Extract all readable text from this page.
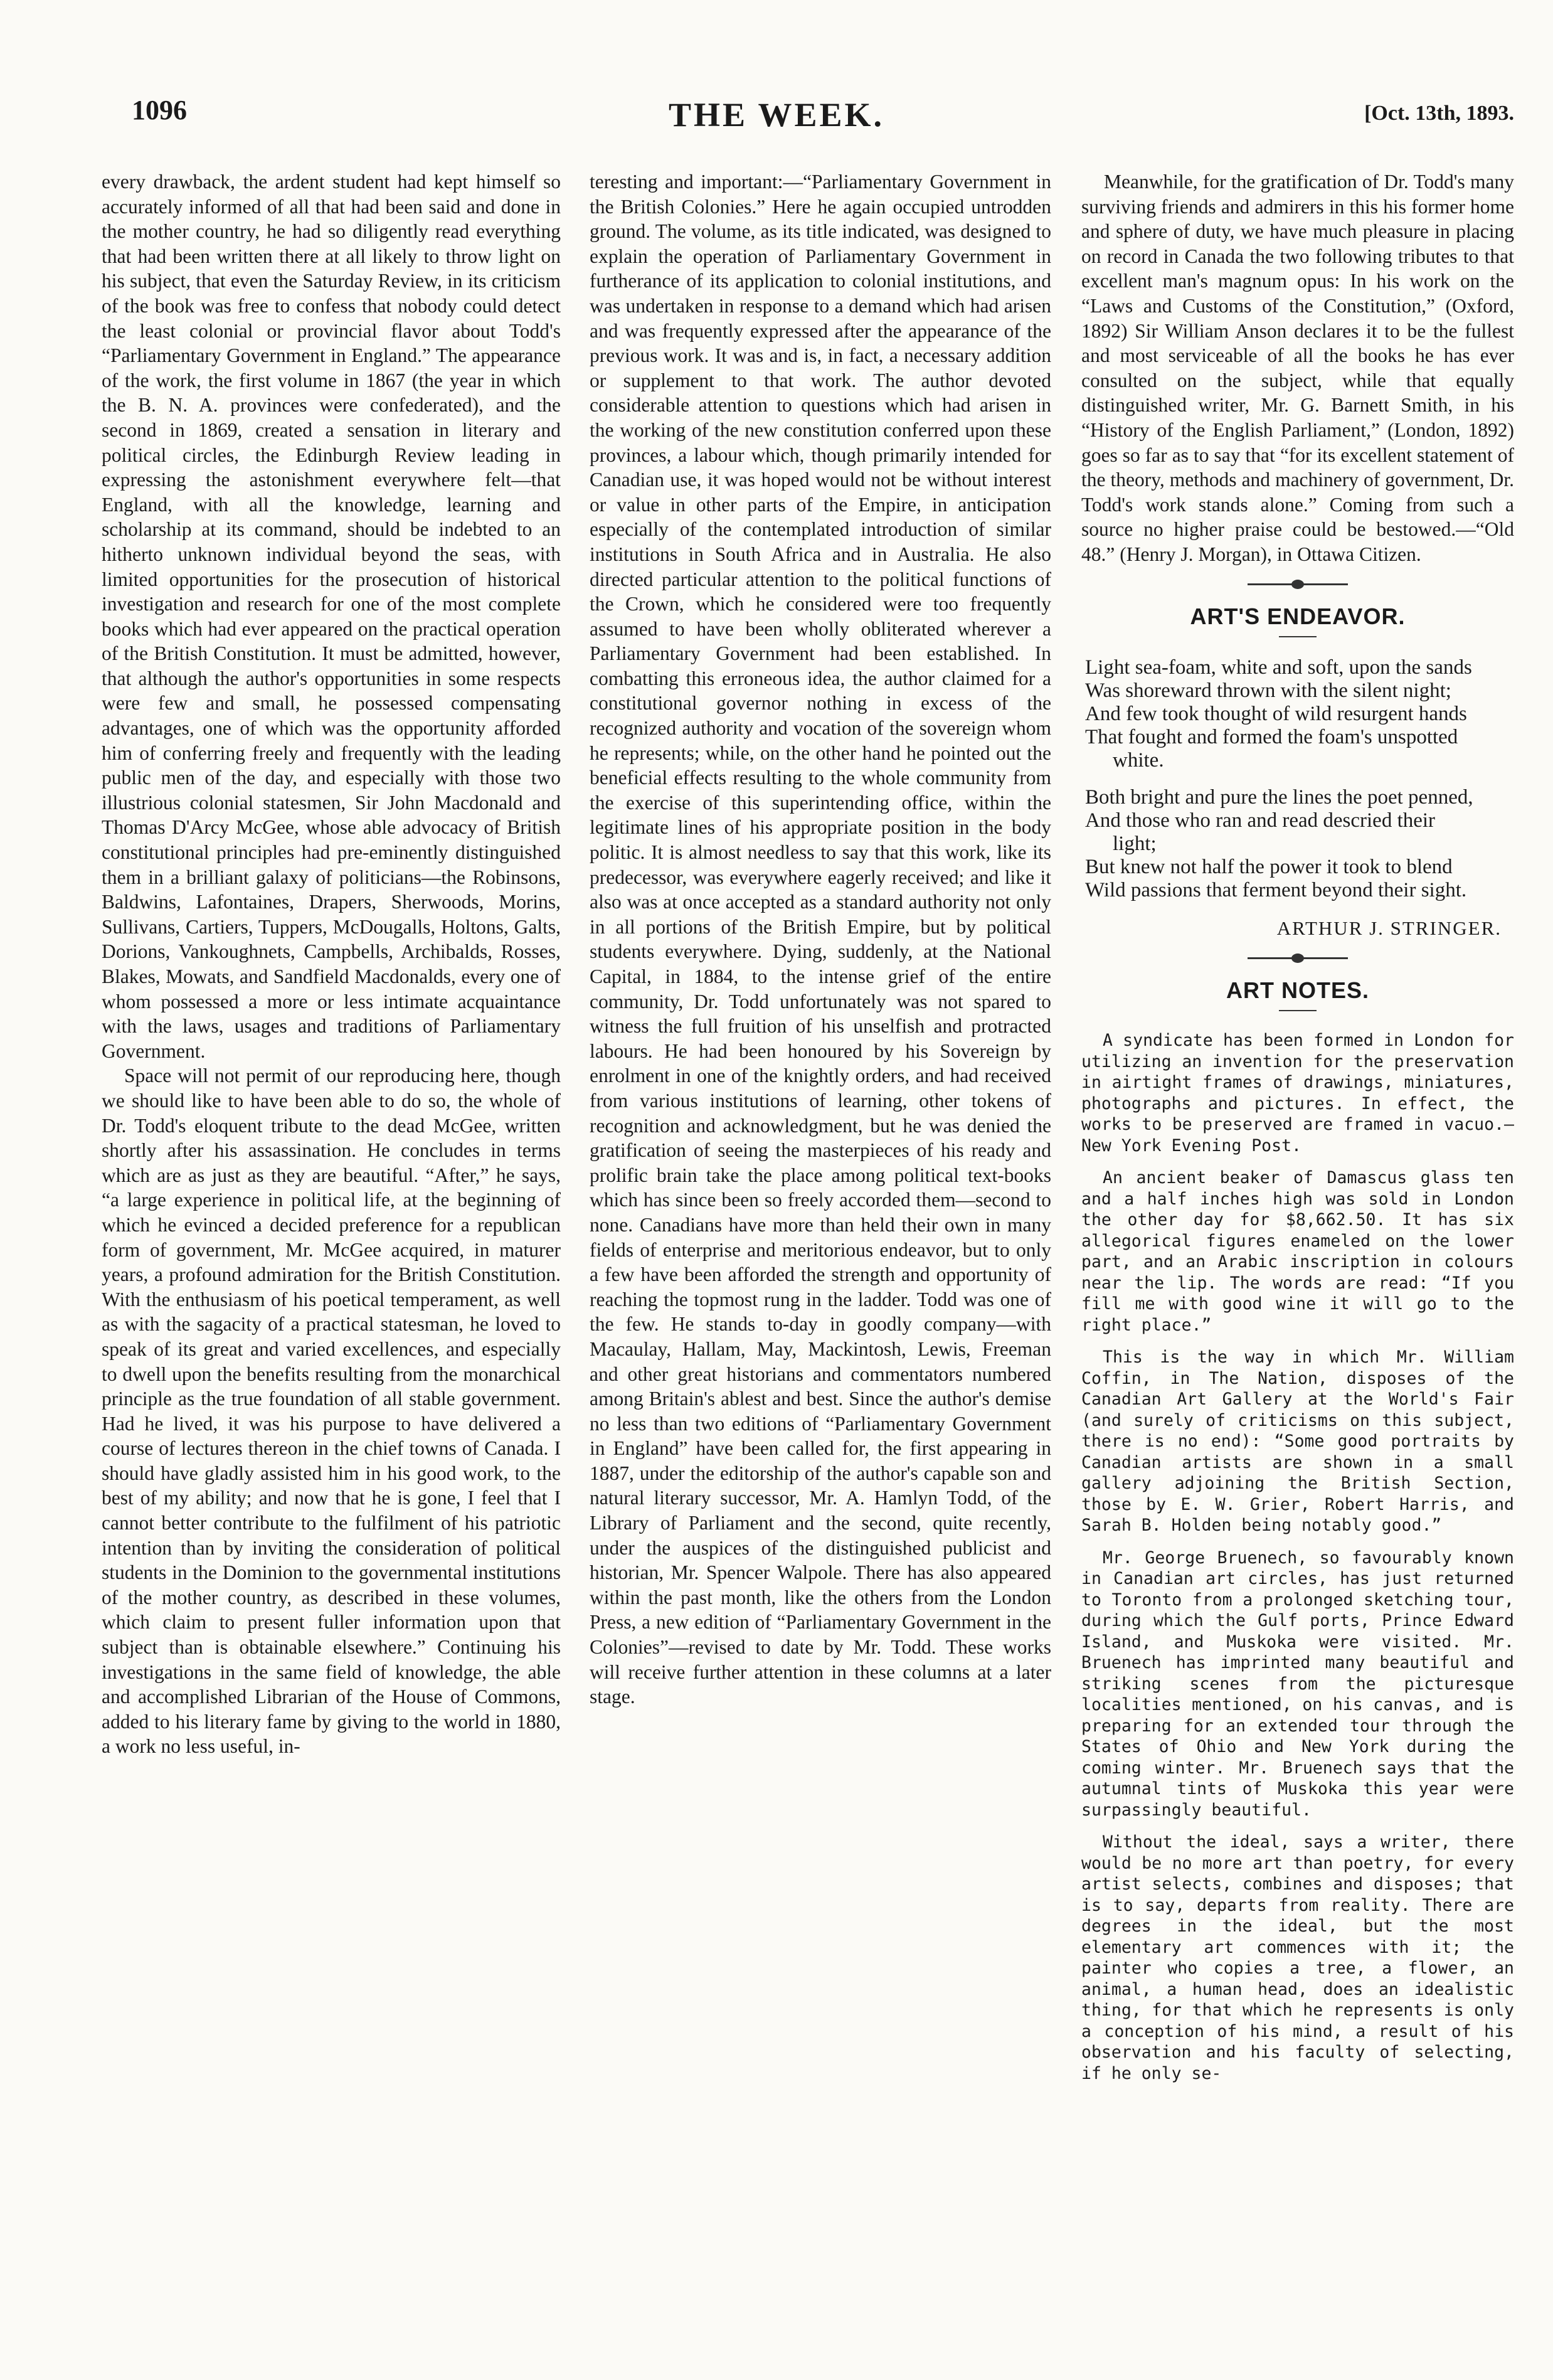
1096	THE WEEK.	[Oct. 13th, 1893.

every drawback, the ardent student had kept himself so accurately informed of all that had been said and done in the mother country, he had so diligently read everything that had been written there at all likely to throw light on his subject, that even the Saturday Review, in its criticism of the book was free to confess that nobody could detect the least colonial or provincial flavor about Todd's “Parliamentary Government in England.” The appearance of the work, the first volume in 1867 (the year in which the B. N. A. provinces were confederated), and the second in 1869, created a sensation in literary and political circles, the Edinburgh Review leading in expressing the astonishment everywhere felt—that England, with all the knowledge, learning and scholarship at its command, should be indebted to an hitherto unknown individual beyond the seas, with limited opportunities for the prosecution of historical investigation and research for one of the most complete books which had ever appeared on the practical operation of the British Constitution. It must be admitted, however, that although the author's opportunities in some respects were few and small, he possessed compensating advantages, one of which was the opportunity afforded him of conferring freely and frequently with the leading public men of the day, and especially with those two illustrious colonial statesmen, Sir John Macdonald and Thomas D'Arcy McGee, whose able advocacy of British constitutional principles had pre-eminently distinguished them in a brilliant galaxy of politicians—the Robinsons, Baldwins, Lafontaines, Drapers, Sherwoods, Morins, Sullivans, Cartiers, Tuppers, McDougalls, Holtons, Galts, Dorions, Vankoughnets, Campbells, Archibalds, Rosses, Blakes, Mowats, and Sandfield Macdonalds, every one of whom possessed a more or less intimate acquaintance with the laws, usages and traditions of Parliamentary Government.

Space will not permit of our reproducing here, though we should like to have been able to do so, the whole of Dr. Todd's eloquent tribute to the dead McGee, written shortly after his assassination. He concludes in terms which are as just as they are beautiful. “After,” he says, “a large experience in political life, at the beginning of which he evinced a decided preference for a republican form of government, Mr. McGee acquired, in maturer years, a profound admiration for the British Constitution. With the enthusiasm of his poetical temperament, as well as with the sagacity of a practical statesman, he loved to speak of its great and varied excellences, and especially to dwell upon the benefits resulting from the monarchical principle as the true foundation of all stable government. Had he lived, it was his purpose to have delivered a course of lectures thereon in the chief towns of Canada. I should have gladly assisted him in his good work, to the best of my ability; and now that he is gone, I feel that I cannot better contribute to the fulfilment of his patriotic intention than by inviting the consideration of political students in the Dominion to the governmental institutions of the mother country, as described in these volumes, which claim to present fuller information upon that subject than is obtainable elsewhere.” Continuing his investigations in the same field of knowledge, the able and accomplished Librarian of the House of Commons, added to his literary fame by giving to the world in 1880, a work no less useful, in-

teresting and important:—“Parliamentary Government in the British Colonies.” Here he again occupied untrodden ground. The volume, as its title indicated, was designed to explain the operation of Parliamentary Government in furtherance of its application to colonial institutions, and was undertaken in response to a demand which had arisen and was frequently expressed after the appearance of the previous work. It was and is, in fact, a necessary addition or supplement to that work. The author devoted considerable attention to questions which had arisen in the working of the new constitution conferred upon these provinces, a labour which, though primarily intended for Canadian use, it was hoped would not be without interest or value in other parts of the Empire, in anticipation especially of the contemplated introduction of similar institutions in South Africa and in Australia. He also directed particular attention to the political functions of the Crown, which he considered were too frequently assumed to have been wholly obliterated wherever a Parliamentary Government had been established. In combatting this erroneous idea, the author claimed for a constitutional governor nothing in excess of the recognized authority and vocation of the sovereign whom he represents; while, on the other hand he pointed out the beneficial effects resulting to the whole community from the exercise of this superintending office, within the legitimate lines of his appropriate position in the body politic. It is almost needless to say that this work, like its predecessor, was everywhere eagerly received; and like it also was at once accepted as a standard authority not only in all portions of the British Empire, but by political students everywhere. Dying, suddenly, at the National Capital, in 1884, to the intense grief of the entire community, Dr. Todd unfortunately was not spared to witness the full fruition of his unselfish and protracted labours. He had been honoured by his Sovereign by enrolment in one of the knightly orders, and had received from various institutions of learning, other tokens of recognition and acknowledgment, but he was denied the gratification of seeing the masterpieces of his ready and prolific brain take the place among political text-books which has since been so freely accorded them—second to none. Canadians have more than held their own in many fields of enterprise and meritorious endeavor, but to only a few have been afforded the strength and opportunity of reaching the topmost rung in the ladder. Todd was one of the few. He stands to-day in goodly company—with Macaulay, Hallam, May, Mackintosh, Lewis, Freeman and other great historians and commentators numbered among Britain's ablest and best. Since the author's demise no less than two editions of “Parliamentary Government in England” have been called for, the first appearing in 1887, under the editorship of the author's capable son and natural literary successor, Mr. A. Hamlyn Todd, of the Library of Parliament and the second, quite recently, under the auspices of the distinguished publicist and historian, Mr. Spencer Walpole. There has also appeared within the past month, like the others from the London Press, a new edition of “Parliamentary Government in the Colonies”—revised to date by Mr. Todd. These works will receive further attention in these columns at a later stage.

Meanwhile, for the gratification of Dr. Todd's many surviving friends and admirers in this his former home and sphere of duty, we have much pleasure in placing on record in Canada the two following tributes to that excellent man's magnum opus: In his work on the “Laws and Customs of the Constitution,” (Oxford, 1892) Sir William Anson declares it to be the fullest and most serviceable of all the books he has ever consulted on the subject, while that equally distinguished writer, Mr. G. Barnett Smith, in his “History of the English Parliament,” (London, 1892) goes so far as to say that “for its excellent statement of the theory, methods and machinery of government, Dr. Todd's work stands alone.” Coming from such a source no higher praise could be bestowed.—“Old 48.” (Henry J. Morgan), in Ottawa Citizen.

ART'S ENDEAVOR.
Light sea-foam, white and soft, upon the sands
Was shoreward thrown with the silent night;
And few took thought of wild resurgent hands
That fought and formed the foam's unspotted
white.
Both bright and pure the lines the poet penned,
And those who ran and read descried their
light;
But knew not half the power it took to blend
Wild passions that ferment beyond their sight.
ARTHUR J. STRINGER.
ART NOTES.

A syndicate has been formed in London for utilizing an invention for the preservation in airtight frames of drawings, miniatures, photographs and pictures. In effect, the works to be preserved are framed in vacuo.—New York Evening Post.

An ancient beaker of Damascus glass ten and a half inches high was sold in London the other day for $8,662.50. It has six allegorical figures enameled on the lower part, and an Arabic inscription in colours near the lip. The words are read: “If you fill me with good wine it will go to the right place.”

This is the way in which Mr. William Coffin, in The Nation, disposes of the Canadian Art Gallery at the World's Fair (and surely of criticisms on this subject, there is no end): “Some good portraits by Canadian artists are shown in a small gallery adjoining the British Section, those by E. W. Grier, Robert Harris, and Sarah B. Holden being notably good.”

Mr. George Bruenech, so favourably known in Canadian art circles, has just returned to Toronto from a prolonged sketching tour, during which the Gulf ports, Prince Edward Island, and Muskoka were visited. Mr. Bruenech has imprinted many beautiful and striking scenes from the picturesque localities mentioned, on his canvas, and is preparing for an extended tour through the States of Ohio and New York during the coming winter. Mr. Bruenech says that the autumnal tints of Muskoka this year were surpassingly beautiful.

Without the ideal, says a writer, there would be no more art than poetry, for every artist selects, combines and disposes; that is to say, departs from reality. There are degrees in the ideal, but the most elementary art commences with it; the painter who copies a tree, a flower, an animal, a human head, does an idealistic thing, for that which he represents is only a conception of his mind, a result of his observation and his faculty of selecting, if he only se-
